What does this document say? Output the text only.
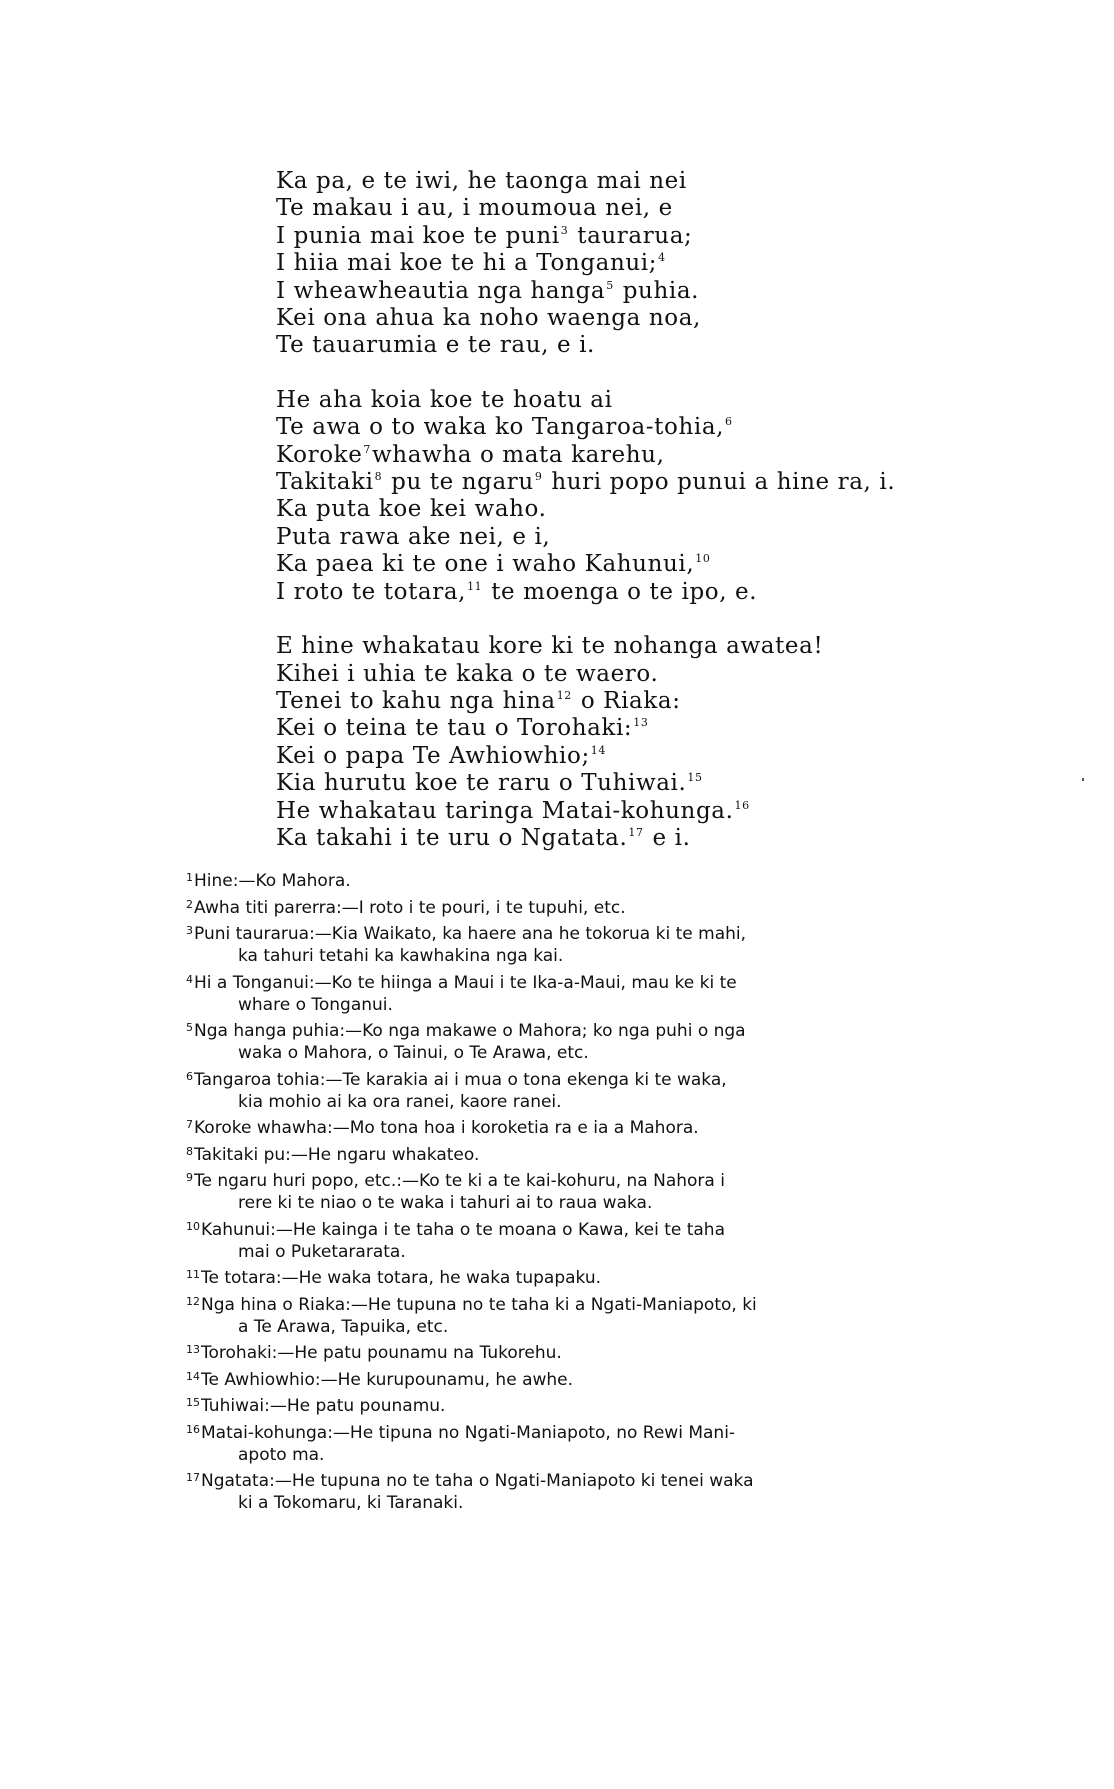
Ka pa, e te iwi, he taonga mai nei
Te makau i au, i moumoua nei, e
I punia mai koe te puni$^3$ taurarua;
I hiia mai koe te hi a Tonganui;$^4$
I wheawheautia nga hanga$^5$ puhia.
Kei ona ahua ka noho waenga noa,
Te tauarumia e te rau, e i.
He aha koia koe te hoatu ai
Te awa o to waka ko Tangaroa-tohia,$^6$
Koroke$^7$whawha o mata karehu,
Takitaki$^8$ pu te ngaru$^9$ huri popo punui a hine ra, i.
Ka puta koe kei waho.
Puta rawa ake nei, e i,
Ka paea ki te one i waho Kahunui,$^{10}$
I roto te totara,$^{11}$ te moenga o te ipo, e.
E hine whakatau kore ki te nohanga awatea!
Kihei i uhia te kaka o te waero.
Tenei to kahu nga hina$^{12}$ o Riaka:
Kei o teina te tau o Torohaki:$^{13}$
Kei o papa Te Awhiowhio;$^{14}$
Kia hurutu koe te raru o Tuhiwai.$^{15}$
He whakatau taringa Matai-kohunga.$^{16}$
Ka takahi i te uru o Ngatata.$^{17}$ e i.
$^1$Hine:—Ko Mahora.
$^2$Awha titi parerra:—I roto i te pouri, i te tupuhi, etc.
$^3$Puni taurarua:—Kia Waikato, ka haere ana he tokorua ki te mahi,
ka tahuri tetahi ka kawhakina nga kai.
$^4$Hi a Tonganui:—Ko te hiinga a Maui i te Ika-a-Maui, mau ke ki te
whare o Tonganui.
$^5$Nga hanga puhia:—Ko nga makawe o Mahora; ko nga puhi o nga
waka o Mahora, o Tainui, o Te Arawa, etc.
$^6$Tangaroa tohia:—Te karakia ai i mua o tona ekenga ki te waka,
kia mohio ai ka ora ranei, kaore ranei.
$^7$Koroke whawha:—Mo tona hoa i koroketia ra e ia a Mahora.
$^8$Takitaki pu:—He ngaru whakateo.
$^9$Te ngaru huri popo, etc.:—Ko te ki a te kai-kohuru, na Nahora i
rere ki te niao o te waka i tahuri ai to raua waka.
$^{10}$Kahunui:—He kainga i te taha o te moana o Kawa, kei te taha
mai o Puketararata.
$^{11}$Te totara:—He waka totara, he waka tupapaku.
$^{12}$Nga hina o Riaka:—He tupuna no te taha ki a Ngati-Maniapoto, ki
a Te Arawa, Tapuika, etc.
$^{13}$Torohaki:—He patu pounamu na Tukorehu.
$^{14}$Te Awhiowhio:—He kurupounamu, he awhe.
$^{15}$Tuhiwai:—He patu pounamu.
$^{16}$Matai-kohunga:—He tipuna no Ngati-Maniapoto, no Rewi Mani-
apoto ma.
$^{17}$Ngatata:—He tupuna no te taha o Ngati-Maniapoto ki tenei waka
ki a Tokomaru, ki Taranaki.
